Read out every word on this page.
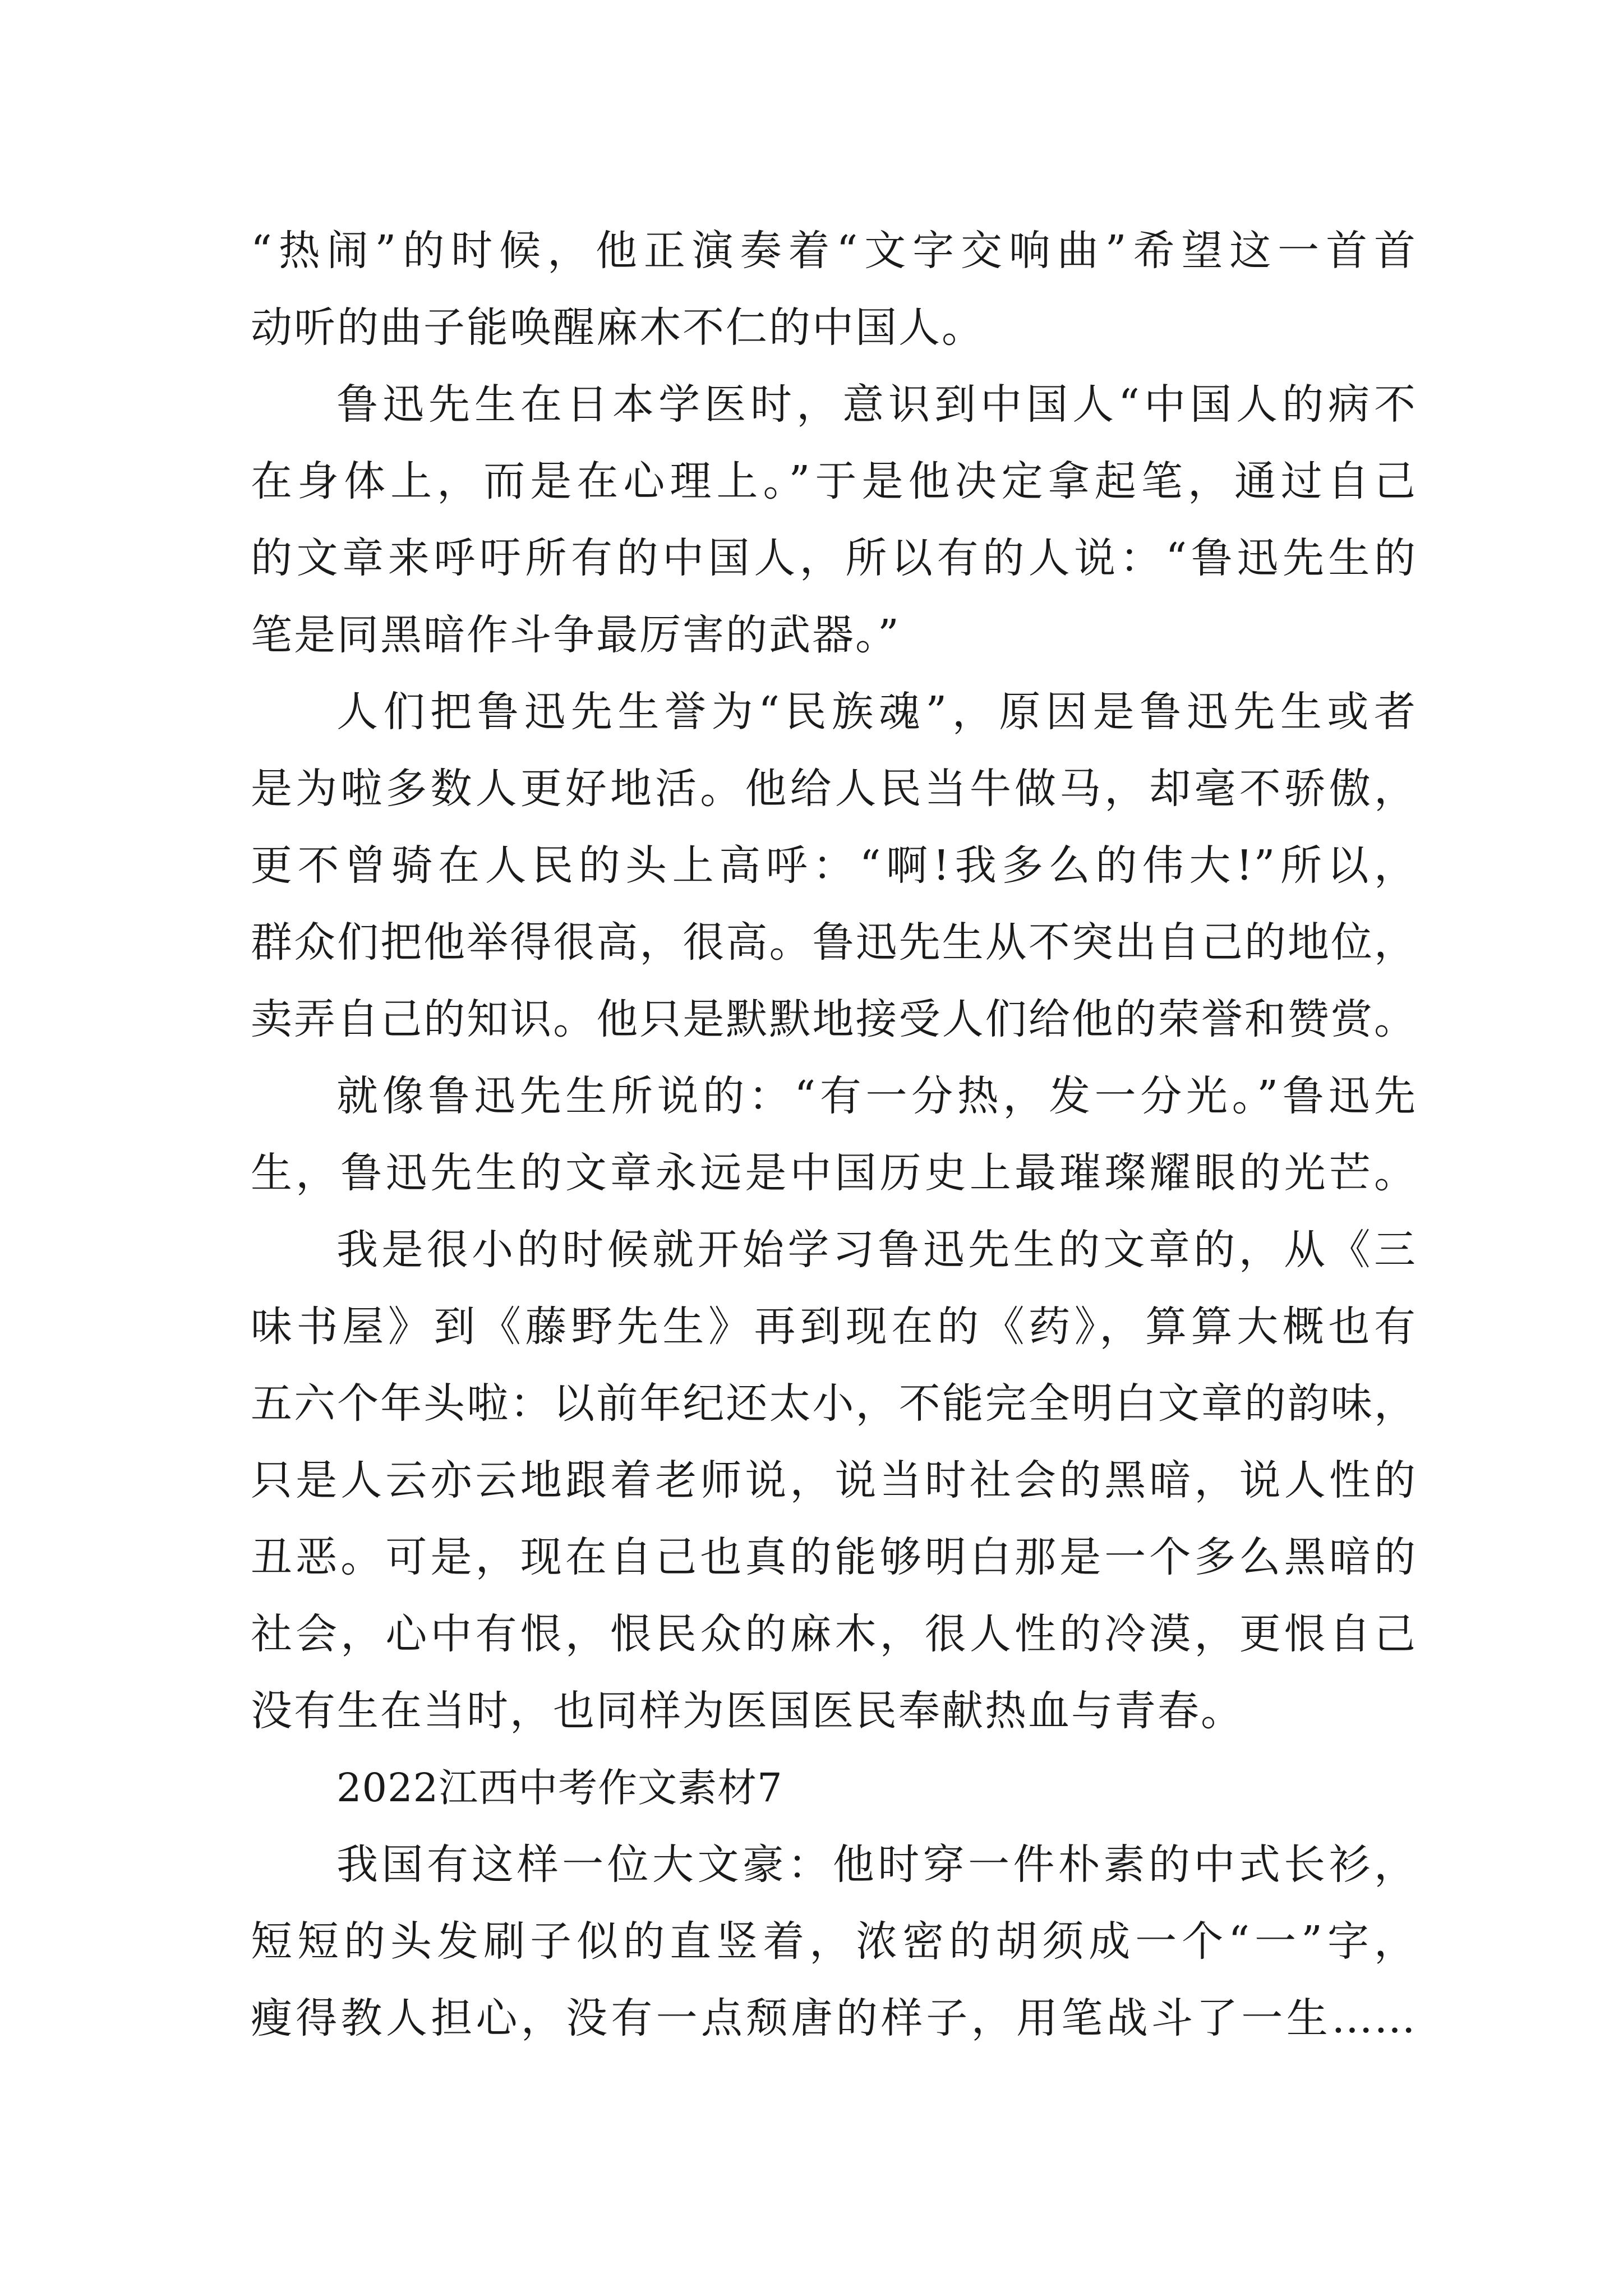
“热闹”的时候，他正演奏着“文字交响曲”希望这一首首
动听的曲子能唤醒麻木不仁的中国人。
鲁迅先生在日本学医时，意识到中国人“中国人的病不
在身体上，而是在心理上。”于是他决定拿起笔，通过自己
的文章来呼吁所有的中国人，所以有的人说：“鲁迅先生的
笔是同黑暗作斗争最厉害的武器。”
人们把鲁迅先生誉为“民族魂”，原因是鲁迅先生或者
是为啦多数人更好地活。他给人民当牛做马，却毫不骄傲，
更不曾骑在人民的头上高呼：“啊!我多么的伟大!”所以，
群众们把他举得很高，很高。鲁迅先生从不突出自己的地位，
卖弄自己的知识。他只是默默地接受人们给他的荣誉和赞赏。
就像鲁迅先生所说的：“有一分热，发一分光。”鲁迅先
生，鲁迅先生的文章永远是中国历史上最璀璨耀眼的光芒。
我是很小的时候就开始学习鲁迅先生的文章的，从《三
味书屋》到《藤野先生》再到现在的《药》，算算大概也有
五六个年头啦：以前年纪还太小，不能完全明白文章的韵味，
只是人云亦云地跟着老师说，说当时社会的黑暗，说人性的
丑恶。可是，现在自己也真的能够明白那是一个多么黑暗的
社会，心中有恨，恨民众的麻木，很人性的冷漠，更恨自己
没有生在当时，也同样为医国医民奉献热血与青春。
2022江西中考作文素材7
我国有这样一位大文豪：他时穿一件朴素的中式长衫，
短短的头发刷子似的直竖着，浓密的胡须成一个“一”字，
瘦得教人担心，没有一点颓唐的样子，用笔战斗了一生……
